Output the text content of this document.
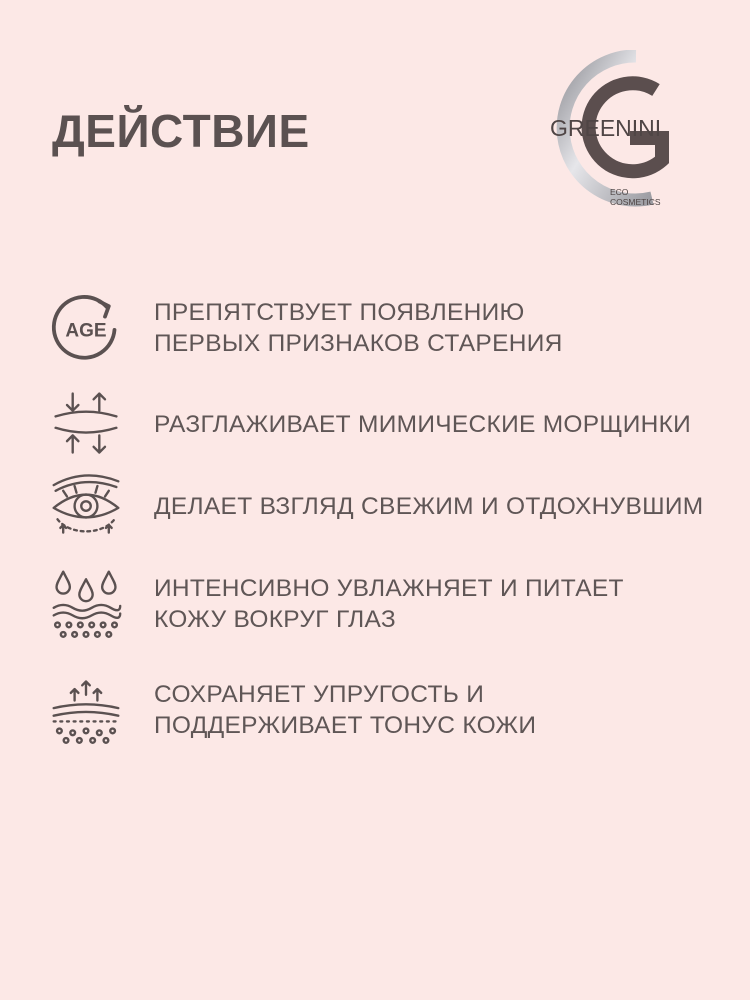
ДЕЙСТВИЕ	GREENINI
ECO
COSMETICS
AGE
ПРЕПЯТСТВУЕТ ПОЯВЛЕНИЮ ПЕРВЫХ ПРИЗНАКОВ СТАРЕНИЯ
РАЗГЛАЖИВАЕТ МИМИЧЕСКИЕ МОРЩИНКИ
ДЕЛАЕТ ВЗГЛЯД СВЕЖИМ И ОТДОХНУВШИМ
ИНТЕНСИВНО УВЛАЖНЯЕТ И ПИТАЕТ КОЖУ ВОКРУГ ГЛАЗ
СОХРАНЯЕТ УПРУГОСТЬ И ПОДДЕРЖИВАЕТ ТОНУС КОЖИ
